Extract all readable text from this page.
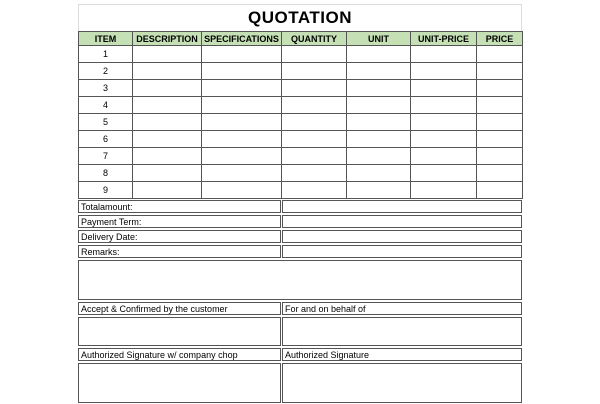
QUOTATION
ITEM	DESCRIPTION	SPECIFICATIONS	QUANTITY	UNIT	UNIT-PRICE	PRICE
1						
2						
3						
4						
5						
6						
7						
8						
9						
Totalamount:
Payment Term:
Delivery Date:
Remarks:
Accept & Confirmed by the customer	For and on behalf of
Authorized Signature w/ company chop	Authorized Signature
